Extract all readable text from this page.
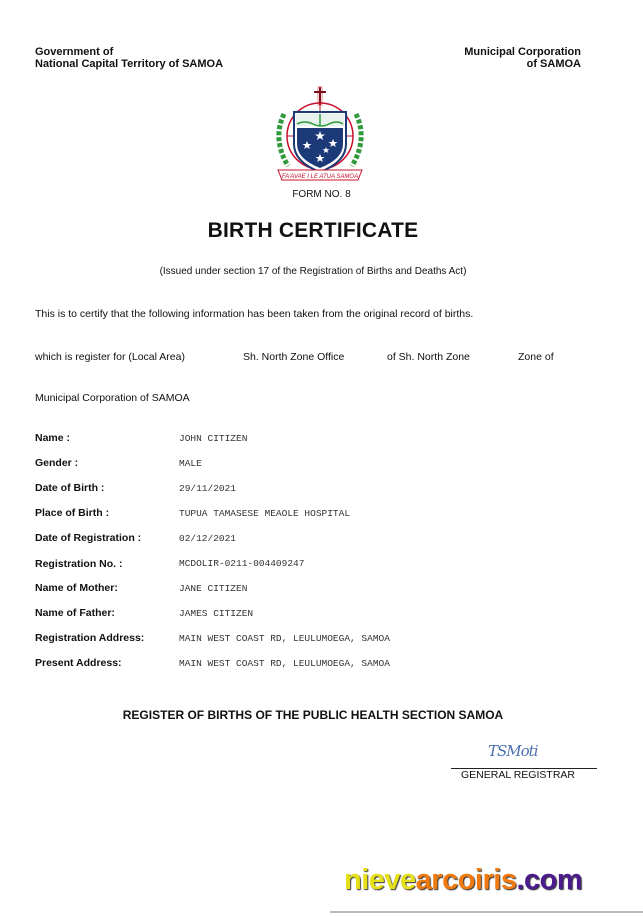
Government of
National Capital Territory of SAMOA
Municipal Corporation
of SAMOA
FA'AVAE I LE ATUA SAMOA
FORM NO. 8
BIRTH CERTIFICATE
(Issued under section 17 of the Registration of Births and Deaths Act)
This is to certify that the following information has been taken from the original record of births.
which is register for (Local Area)	Sh. North Zone Office	of Sh. North Zone	Zone of
Municipal Corporation of SAMOA
Name :	JOHN CITIZEN
Gender :	MALE
Date of Birth :	29/11/2021
Place of Birth :	TUPUA TAMASESE MEAOLE HOSPITAL
Date of Registration :	02/12/2021
Registration No. :	MCDOLIR-0211-004409247
Name of Mother:	JANE CITIZEN
Name of Father:	JAMES CITIZEN
Registration Address:	MAIN WEST COAST RD, LEULUMOEGA, SAMOA
Present Address:	MAIN WEST COAST RD, LEULUMOEGA, SAMOA
REGISTER OF BIRTHS OF THE PUBLIC HEALTH SECTION SAMOA
TSMoti
GENERAL REGISTRAR
nievearcoiris.com
